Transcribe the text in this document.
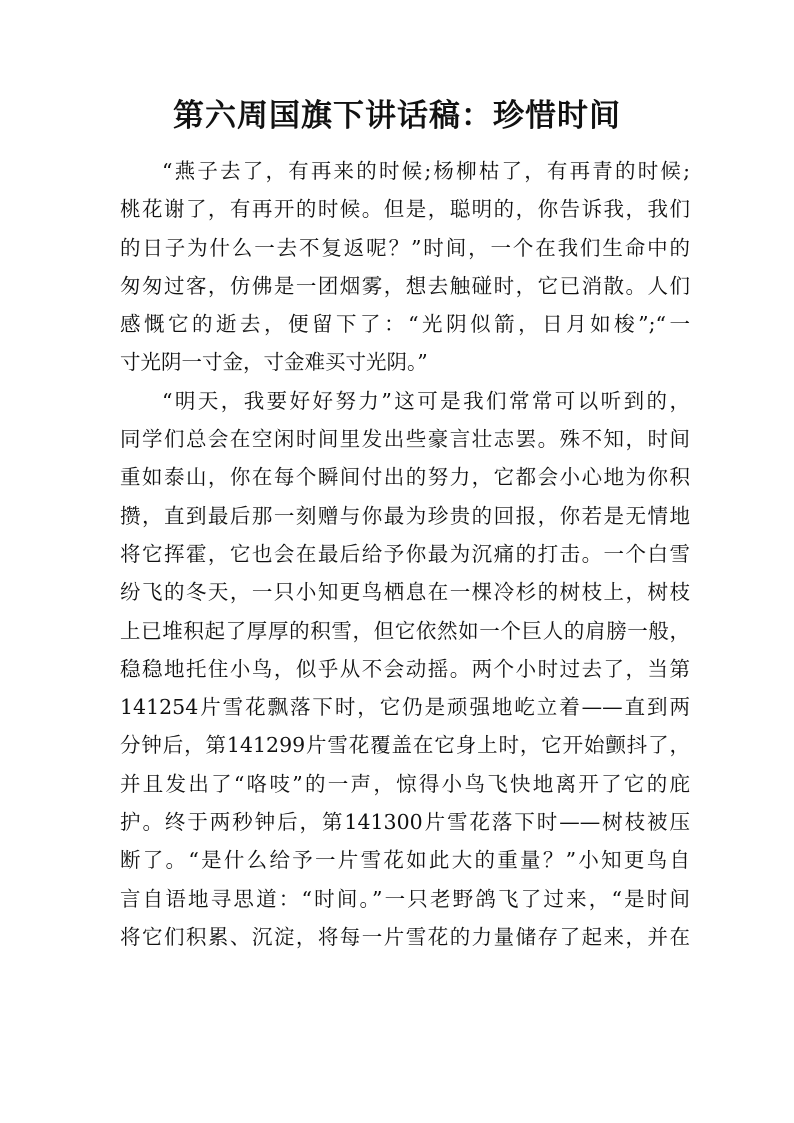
第六周国旗下讲话稿：珍惜时间
“燕子去了，有再来的时候;杨柳枯了，有再青的时候;
桃花谢了，有再开的时候。但是，聪明的，你告诉我，我们
的日子为什么一去不复返呢？”时间，一个在我们生命中的
匆匆过客，仿佛是一团烟雾，想去触碰时，它已消散。人们
感慨它的逝去，便留下了：“光阴似箭，日月如梭”;“一
寸光阴一寸金，寸金难买寸光阴。”
“明天，我要好好努力”这可是我们常常可以听到的，
同学们总会在空闲时间里发出些豪言壮志罢。殊不知，时间
重如泰山，你在每个瞬间付出的努力，它都会小心地为你积
攒，直到最后那一刻赠与你最为珍贵的回报，你若是无情地
将它挥霍，它也会在最后给予你最为沉痛的打击。一个白雪
纷飞的冬天，一只小知更鸟栖息在一棵冷杉的树枝上，树枝
上已堆积起了厚厚的积雪，但它依然如一个巨人的肩膀一般，
稳稳地托住小鸟，似乎从不会动摇。两个小时过去了，当第
141254片雪花飘落下时，它仍是顽强地屹立着——直到两
分钟后，第141299片雪花覆盖在它身上时，它开始颤抖了，
并且发出了“咯吱”的一声，惊得小鸟飞快地离开了它的庇
护。终于两秒钟后，第141300片雪花落下时——树枝被压
断了。“是什么给予一片雪花如此大的重量？”小知更鸟自
言自语地寻思道：“时间。”一只老野鸽飞了过来，“是时间
将它们积累、沉淀，将每一片雪花的力量储存了起来，并在
